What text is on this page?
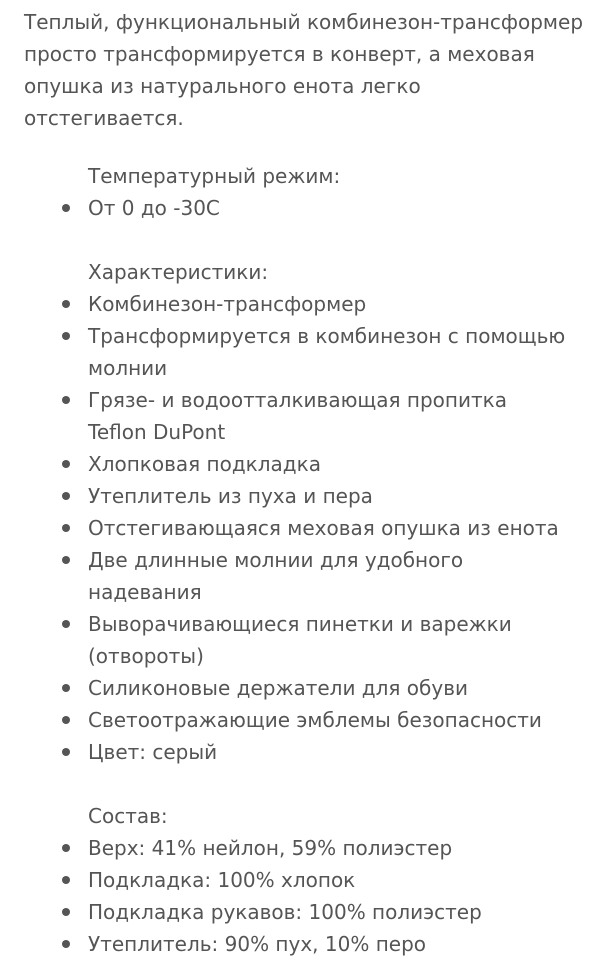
Теплый, функциональный комбинезон-трансформер просто трансформируется в конверт, а меховая опушка из натурального енота легко отстегивается.

Температурный режим:

От 0 до -30С

Характеристики:

Комбинезон-трансформер
Трансформируется в комбинезон с помощью молнии
Грязе- и водоотталкивающая пропитка Teflon DuPont
Хлопковая подкладка
Утеплитель из пуха и пера
Отстегивающаяся меховая опушка из енота
Две длинные молнии для удобного надевания
Выворачивающиеся пинетки и варежки (отвороты)
Силиконовые держатели для обуви
Светоотражающие эмблемы безопасности
Цвет: серый

Состав:

Верх: 41% нейлон, 59% полиэстер
Подкладка: 100% хлопок
Подкладка рукавов: 100% полиэстер
Утеплитель: 90% пух, 10% перо
